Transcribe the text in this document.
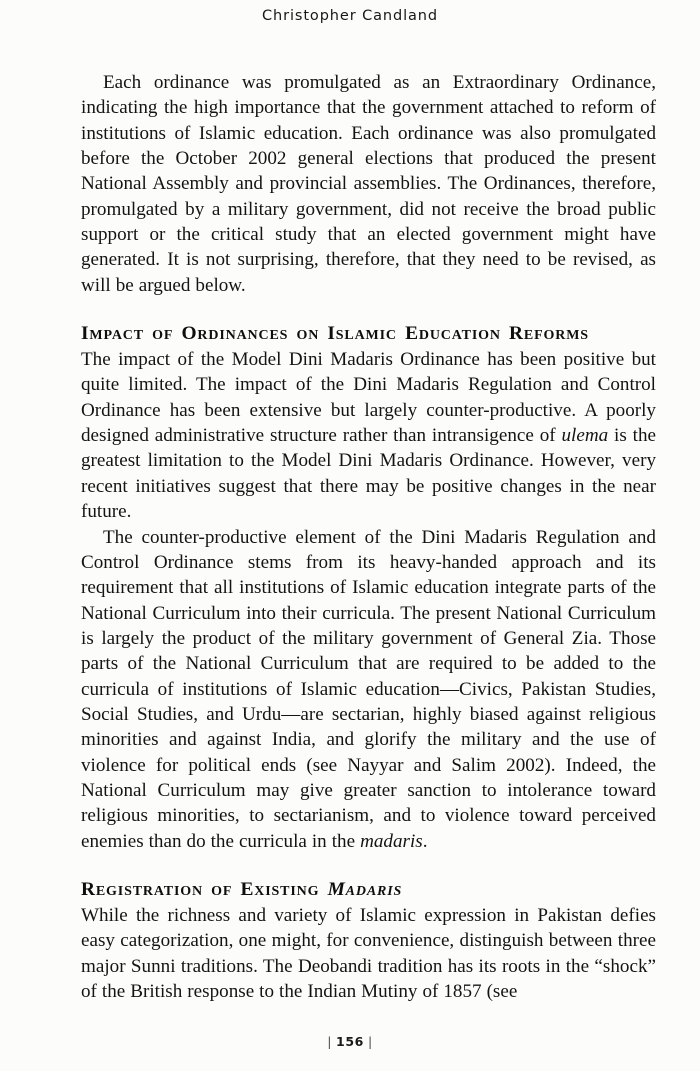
Christopher Candland

Each ordinance was promulgated as an Extraordinary Ordinance, indicating the high importance that the government attached to reform of institutions of Islamic education. Each ordinance was also promulgated before the October 2002 general elections that produced the present National Assembly and provincial assemblies. The Ordinances, therefore, promulgated by a military government, did not receive the broad public support or the critical study that an elected government might have generated. It is not surprising, therefore, that they need to be revised, as will be argued below.

Impact of Ordinances on Islamic Education Reforms

The impact of the Model Dini Madaris Ordinance has been positive but quite limited. The impact of the Dini Madaris Regulation and Control Ordinance has been extensive but largely counter-productive. A poorly designed administrative structure rather than intransigence of ulema is the greatest limitation to the Model Dini Madaris Ordinance. However, very recent initiatives suggest that there may be positive changes in the near future.

The counter-productive element of the Dini Madaris Regulation and Control Ordinance stems from its heavy-handed approach and its requirement that all institutions of Islamic education integrate parts of the National Curriculum into their curricula. The present National Curriculum is largely the product of the military government of General Zia. Those parts of the National Curriculum that are required to be added to the curricula of institutions of Islamic education—Civics, Pakistan Studies, Social Studies, and Urdu—are sectarian, highly biased against religious minorities and against India, and glorify the military and the use of violence for political ends (see Nayyar and Salim 2002). Indeed, the National Curriculum may give greater sanction to intolerance toward religious minorities, to sectarianism, and to violence toward perceived enemies than do the curricula in the madaris.

Registration of Existing Madaris

While the richness and variety of Islamic expression in Pakistan defies easy categorization, one might, for convenience, distinguish between three major Sunni traditions. The Deobandi tradition has its roots in the “shock” of the British response to the Indian Mutiny of 1857 (see

| 156 |
